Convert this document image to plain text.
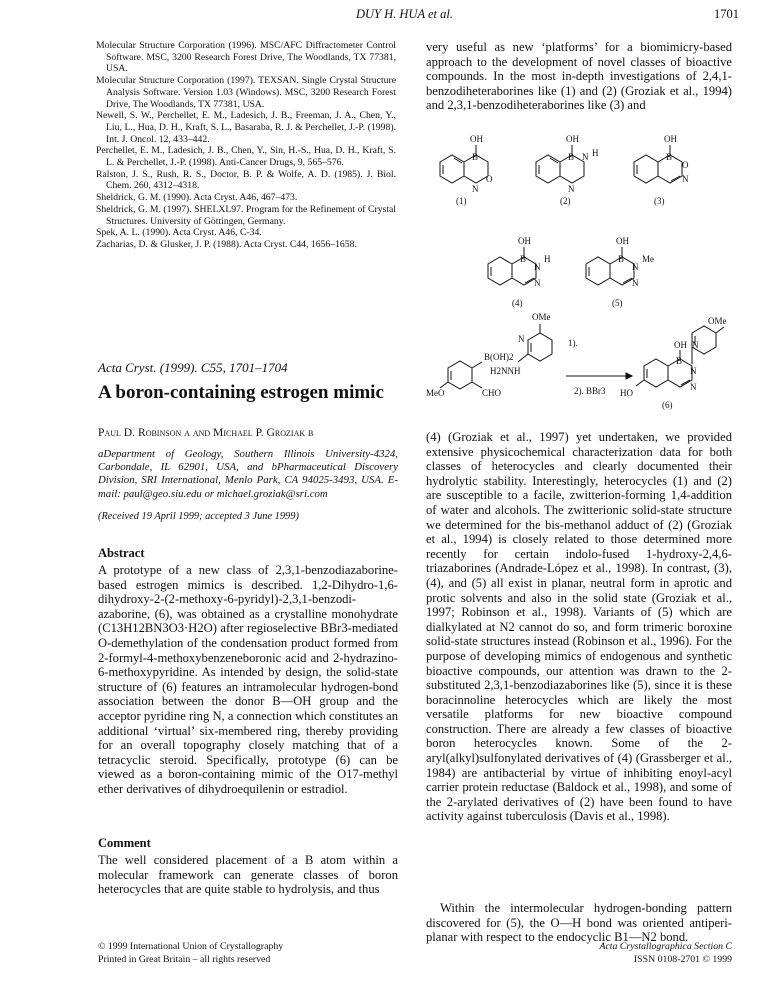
DUY H. HUA et al.	1701

Molecular Structure Corporation (1996). MSC/AFC Diffractometer Control Software. MSC, 3200 Research Forest Drive, The Woodlands, TX 77381, USA.

Molecular Structure Corporation (1997). TEXSAN. Single Crystal Structure Analysis Software. Version 1.03 (Windows). MSC, 3200 Research Forest Drive, The Woodlands, TX 77381, USA.

Newell, S. W., Perchellet, E. M., Ladesich, J. B., Freeman, J. A., Chen, Y., Liu, L., Hua, D. H., Kraft, S. L., Basaraba, R. J. & Perchellet, J.-P. (1998). Int. J. Oncol. 12, 433–442.

Perchellet, E. M., Ladesich, J. B., Chen, Y., Sin, H.-S., Hua, D. H., Kraft, S. L. & Perchellet, J.-P. (1998). Anti-Cancer Drugs, 9, 565–576.

Ralston, J. S., Rush, R. S., Doctor, B. P. & Wolfe, A. D. (1985). J. Biol. Chem. 260, 4312–4318.

Sheldrick, G. M. (1990). Acta Cryst. A46, 467–473.

Sheldrick, G. M. (1997). SHELXL97. Program for the Refinement of Crystal Structures. University of Göttingen, Germany.

Spek, A. L. (1990). Acta Cryst. A46, C-34.

Zacharias, D. & Glusker, J. P. (1988). Acta Cryst. C44, 1656–1658.

Acta Cryst. (1999). C55, 1701–1704
A boron-containing estrogen mimic
Paul D. Robinson a and Michael P. Groziak b
aDepartment of Geology, Southern Illinois University-4324, Carbondale, IL 62901, USA, and bPharmaceutical Discovery Division, SRI International, Menlo Park, CA 94025-3493, USA. E-mail: paul@geo.siu.edu or michael.groziak@sri.com
(Received 19 April 1999; accepted 3 June 1999)
Abstract

A prototype of a new class of 2,3,1-benzodiazaborine-based estrogen mimics is described. 1,2-Dihydro-1,6-dihydroxy-2-(2-methoxy-6-pyridyl)-2,3,1-benzodiazaborine, (6), was obtained as a crystalline monohydrate (C13H12BN3O3·H2O) after regioselective BBr3-mediated O-demethylation of the condensation product formed from 2-formyl-4-methoxybenzeneboronic acid and 2-hydrazino-6-methoxypyridine. As intended by design, the solid-state structure of (6) features an intramolecular hydrogen-bond association between the donor B—OH group and the acceptor pyridine ring N, a connection which constitutes an additional ‘virtual’ six-membered ring, thereby providing for an overall topography closely matching that of a tetracyclic steroid. Specifically, prototype (6) can be viewed as a boron-containing mimic of the O17-methyl ether derivatives of dihydroequilenin or estradiol.

Comment

The well considered placement of a B atom within a molecular framework can generate classes of boron heterocycles that are quite stable to hydrolysis, and thus

very useful as new ‘platforms’ for a biomimicry-based approach to the development of novel classes of bioactive compounds. In the most in-depth investigations of 2,4,1-benzodiheteraborines like (1) and (2) (Groziak et al., 1994) and 2,3,1-benzodiheteraborines like (3) and

OH
B
O
N
OH
B N H
N
OH
B
O
N
(1)	(2)	(3)
OH
B
N
H
N
OH
B
N
Me
N
(4)	(5)
OMe	OMe
1).
N
B(OH)2
H2NNH
MeO	CHO	2). BBr3
OH N
B
N
N
HO
(6)

(4) (Groziak et al., 1997) yet undertaken, we provided extensive physicochemical characterization data for both classes of heterocycles and clearly documented their hydrolytic stability. Interestingly, heterocycles (1) and (2) are susceptible to a facile, zwitterion-forming 1,4-addition of water and alcohols. The zwitterionic solid-state structure we determined for the bis-methanol adduct of (2) (Groziak et al., 1994) is closely related to those determined more recently for certain indolo-fused 1-hydroxy-2,4,6-triazaborines (Andrade-López et al., 1998). In contrast, (3), (4), and (5) all exist in planar, neutral form in aprotic and protic solvents and also in the solid state (Groziak et al., 1997; Robinson et al., 1998). Variants of (5) which are dialkylated at N2 cannot do so, and form trimeric boroxine solid-state structures instead (Robinson et al., 1996). For the purpose of developing mimics of endogenous and synthetic bioactive compounds, our attention was drawn to the 2-substituted 2,3,1-benzodiazaborines like (5), since it is these boracinnoline heterocycles which are likely the most versatile platforms for new bioactive compound construction. There are already a few classes of bioactive boron heterocycles known. Some of the 2-aryl(alkyl)sulfonylated derivatives of (4) (Grassberger et al., 1984) are antibacterial by virtue of inhibiting enoyl-acyl carrier protein reductase (Baldock et al., 1998), and some of the 2-arylated derivatives of (2) have been found to have activity against tuberculosis (Davis et al., 1998).

Within the intermolecular hydrogen-bonding pattern discovered for (5), the O—H bond was oriented antiperiplanar with respect to the endocyclic B1—N2 bond.

© 1999 International Union of Crystallography
Printed in Great Britain – all rights reserved
Acta Crystallographica Section C
ISSN 0108-2701 © 1999
